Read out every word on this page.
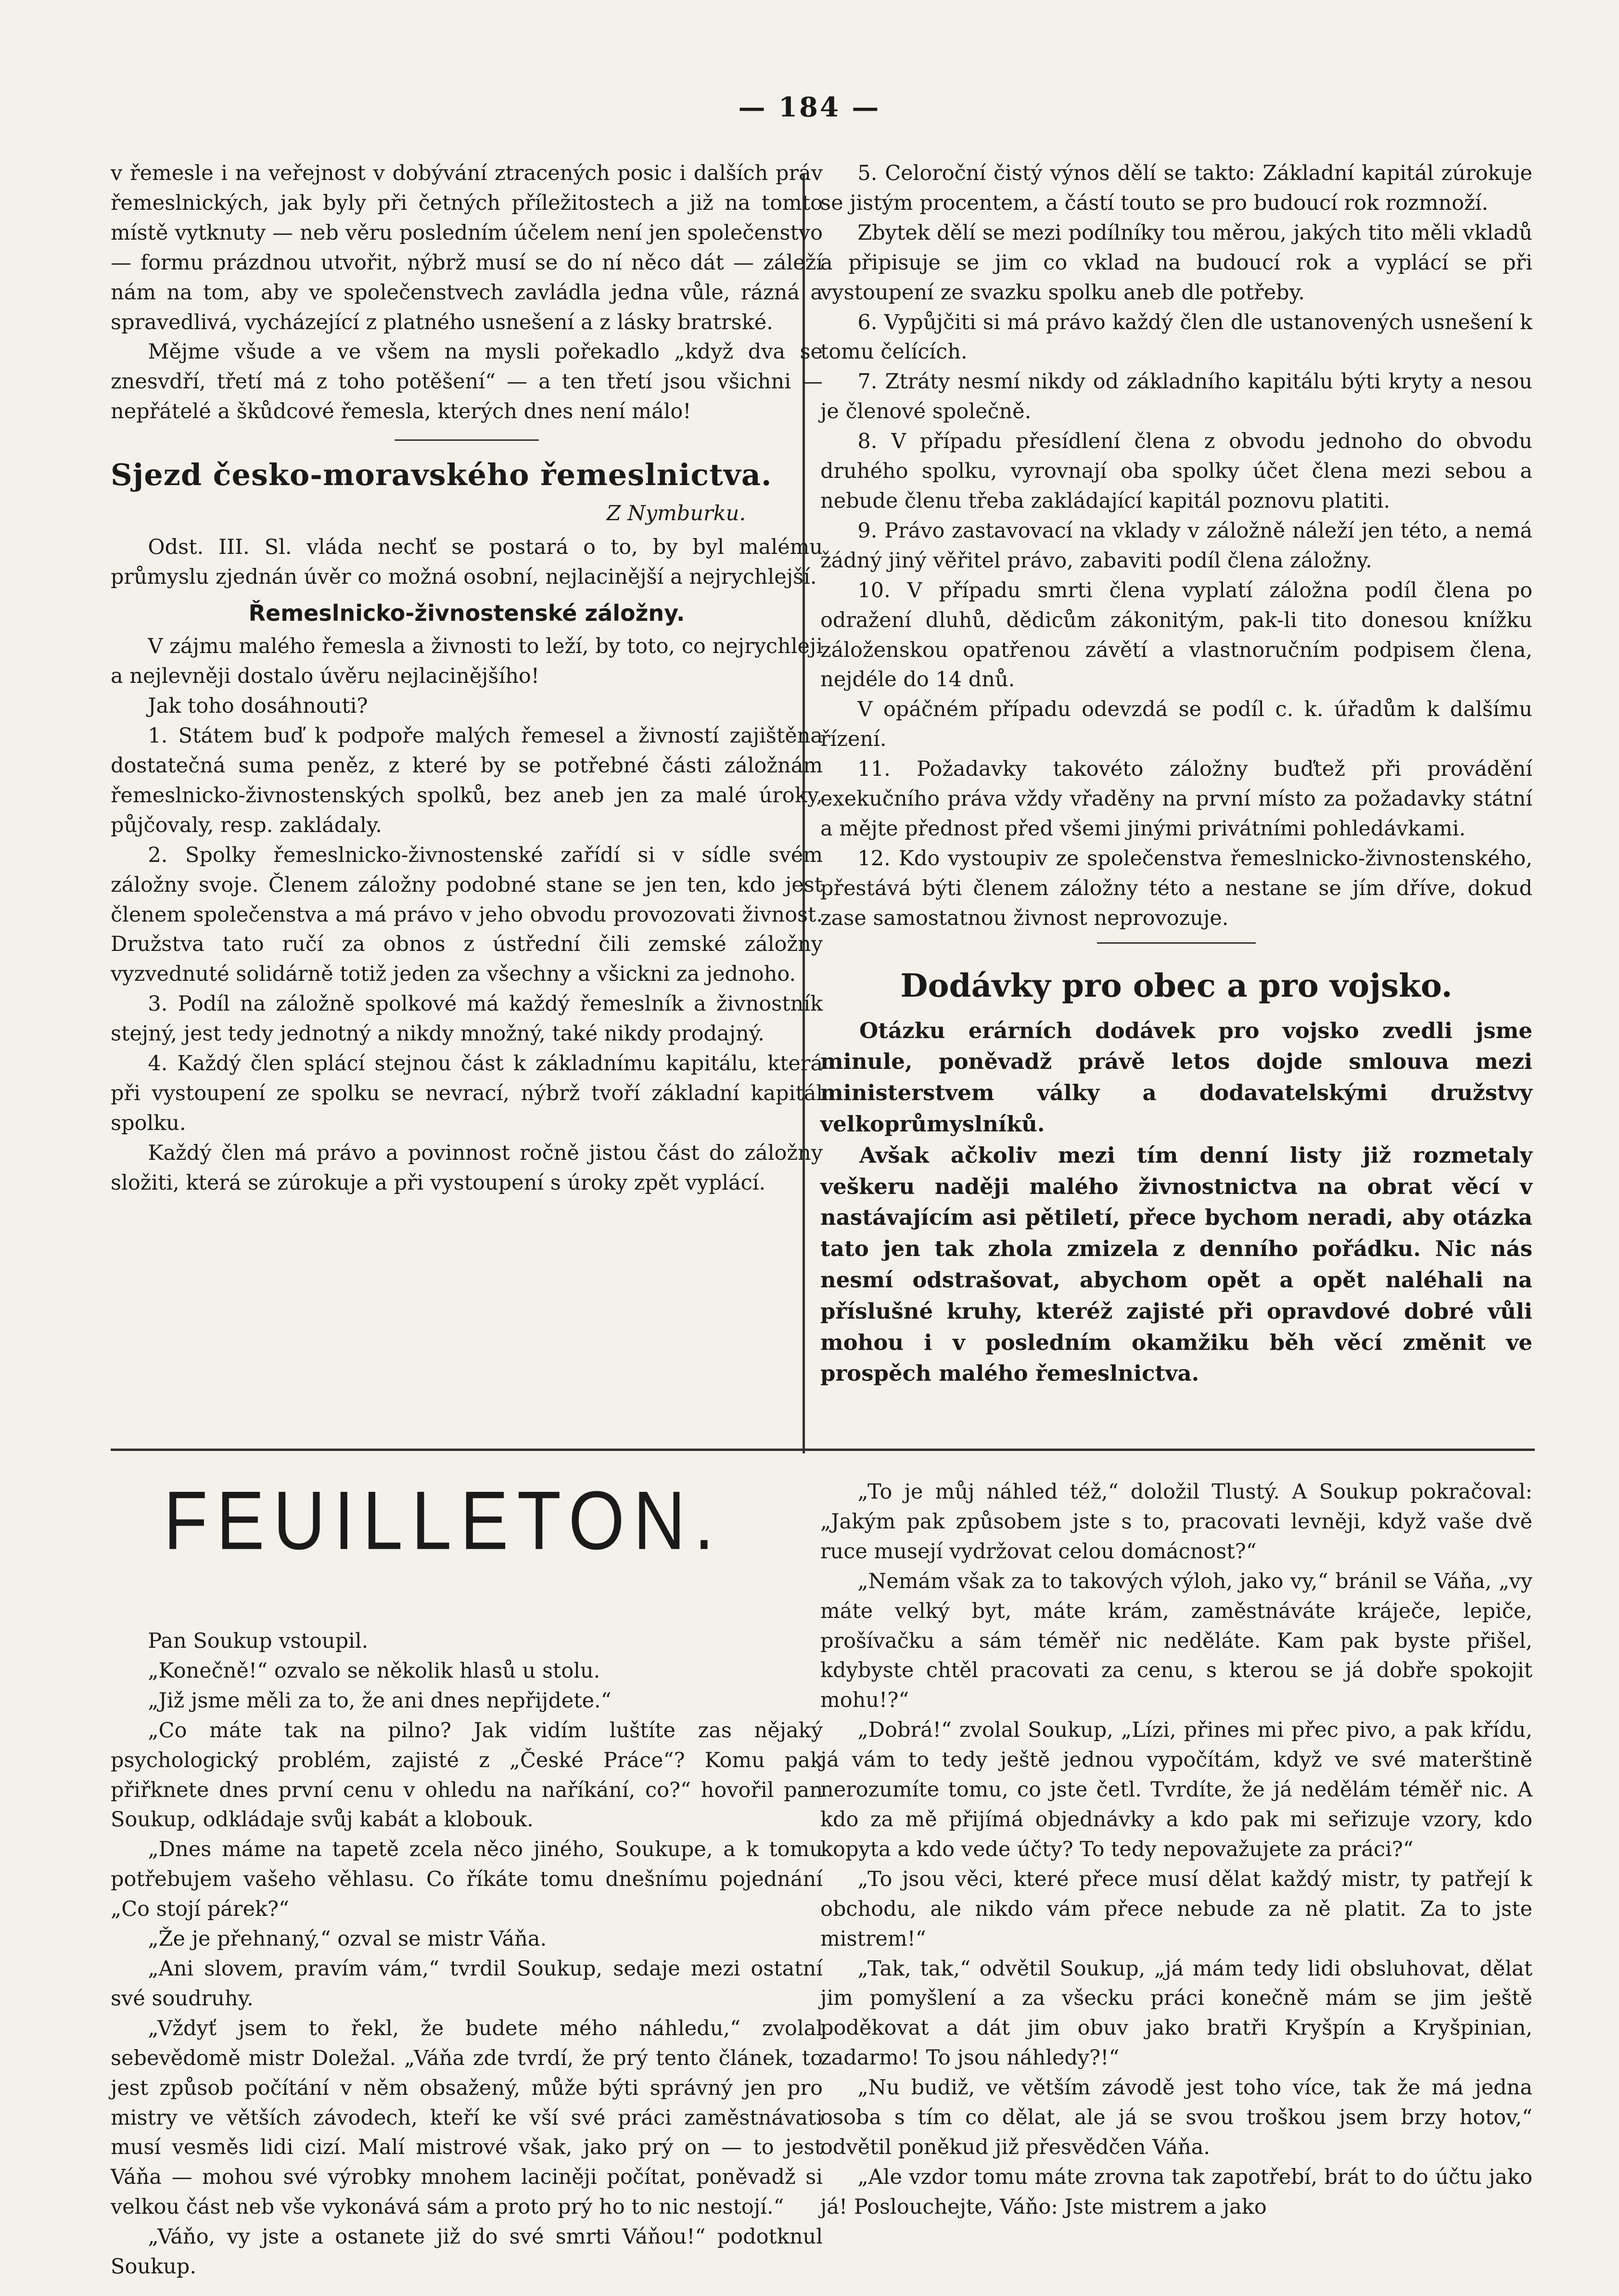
— 184 —

v řemesle i na veřejnost v dobývání ztracených posic i dalších práv řemeslnických, jak byly při četných příležitostech a již na tomto místě vytknuty — neb věru posledním účelem není jen společenstvo — formu prázdnou utvořit, nýbrž musí se do ní něco dát — záleží nám na tom, aby ve společenstvech zavládla jedna vůle, rázná a spravedlivá, vycházející z platného usnešení a z lásky bratrské.

Mějme všude a ve všem na mysli pořekadlo „když dva se znesvdří, třetí má z toho potěšení“ — a ten třetí jsou všichni — nepřátelé a škůdcové řemesla, kterých dnes není málo!

Sjezd česko-moravského řemeslnictva.
Z Nymburku.

Odst. III. Sl. vláda nechť se postará o to, by byl malému průmyslu zjednán úvěr co možná osobní, nejlacinější a nejrychlejší.

Řemeslnicko-živnostenské záložny.

V zájmu malého řemesla a živnosti to leží, by toto, co nejrychleji a nejlevněji dostalo úvěru nejlacinějšího!

Jak toho dosáhnouti?

1. Státem buď k podpoře malých řemesel a živností zajištěna dostatečná suma peněz, z které by se potřebné části záložnám řemeslnicko-živnostenských spolků, bez aneb jen za malé úroky, půjčovaly, resp. zakládaly.

2. Spolky řemeslnicko-živnostenské zařídí si v sídle svém záložny svoje. Členem záložny podobné stane se jen ten, kdo jest členem společenstva a má právo v jeho obvodu provozovati živnost. Družstva tato ručí za obnos z ústřední čili zemské záložny vyzvednuté solidárně totiž jeden za všechny a všickni za jednoho.

3. Podíl na záložně spolkové má každý řemeslník a živnostník stejný, jest tedy jednotný a nikdy množný, také nikdy prodajný.

4. Každý člen splácí stejnou část k základnímu kapitálu, která při vystoupení ze spolku se nevrací, nýbrž tvoří základní kapitál spolku.

Každý člen má právo a povinnost ročně jistou část do záložny složiti, která se zúrokuje a při vystoupení s úroky zpět vyplácí.

5. Celoroční čistý výnos dělí se takto: Základní kapitál zúrokuje se jistým procentem, a částí touto se pro budoucí rok rozmnoží.

Zbytek dělí se mezi podílníky tou měrou, jakých tito měli vkladů a připisuje se jim co vklad na budoucí rok a vyplácí se při vystoupení ze svazku spolku aneb dle potřeby.

6. Vypůjčiti si má právo každý člen dle ustanovených usnešení k tomu čelících.

7. Ztráty nesmí nikdy od základního kapitálu býti kryty a nesou je členové společně.

8. V případu přesídlení člena z obvodu jednoho do obvodu druhého spolku, vyrovnají oba spolky účet člena mezi sebou a nebude členu třeba zakládající kapitál poznovu platiti.

9. Právo zastavovací na vklady v záložně náleží jen této, a nemá žádný jiný věřitel právo, zabaviti podíl člena záložny.

10. V případu smrti člena vyplatí záložna podíl člena po odražení dluhů, dědicům zákonitým, pak-li tito donesou knížku záloženskou opatřenou závětí a vlastnoručním podpisem člena, nejdéle do 14 dnů.

V opáčném případu odevzdá se podíl c. k. úřadům k dalšímu řízení.

11. Požadavky takovéto záložny buďtež při provádění exekučního práva vždy vřaděny na první místo za požadavky státní a mějte přednost před všemi jinými privátními pohledávkami.

12. Kdo vystoupiv ze společenstva řemeslnicko-živnostenského, přestává býti členem záložny této a nestane se jím dříve, dokud zase samostatnou živnost neprovozuje.

Dodávky pro obec a pro vojsko.

Otázku erárních dodávek pro vojsko zvedli jsme minule, poněvadž právě letos dojde smlouva mezi ministerstvem války a dodavatelskými družstvy velkoprůmyslníků.

Avšak ačkoliv mezi tím denní listy již rozmetaly veškeru naději malého živnostnictva na obrat věcí v nastávajícím asi pětiletí, přece bychom neradi, aby otázka tato jen tak zhola zmizela z denního pořádku. Nic nás nesmí odstrašovat, abychom opět a opět naléhali na příslušné kruhy, kteréž zajisté při opravdové dobré vůli mohou i v posledním okamžiku běh věcí změnit ve prospěch malého řemeslnictva.

FEUILLETON.

Pan Soukup vstoupil.

„Konečně!“ ozvalo se několik hlasů u stolu.

„Již jsme měli za to, že ani dnes nepřijdete.“

„Co máte tak na pilno? Jak vidím luštíte zas nějaký psychologický problém, zajisté z „České Práce“? Komu pak přiřknete dnes první cenu v ohledu na naříkání, co?“ hovořil pan Soukup, odkládaje svůj kabát a klobouk.

„Dnes máme na tapetě zcela něco jiného, Soukupe, a k tomu potřebujem vašeho věhlasu. Co říkáte tomu dnešnímu pojednání „Co stojí párek?“

„Že je přehnaný,“ ozval se mistr Váňa.

„Ani slovem, pravím vám,“ tvrdil Soukup, sedaje mezi ostatní své soudruhy.

„Vždyť jsem to řekl, že budete mého náhledu,“ zvolal sebevědomě mistr Doležal. „Váňa zde tvrdí, že prý tento článek, to jest způsob počítání v něm obsažený, může býti správný jen pro mistry ve větších závodech, kteří ke vší své práci zaměstnávati musí vesměs lidi cizí. Malí mistrové však, jako prý on — to jest Váňa — mohou své výrobky mnohem laciněji počítat, poněvadž si velkou část neb vše vykonává sám a proto prý ho to nic nestojí.“

„Váňo, vy jste a ostanete již do své smrti Váňou!“ podotknul Soukup.

„To je můj náhled též,“ doložil Tlustý. A Soukup pokračoval: „Jakým pak způsobem jste s to, pracovati levněji, když vaše dvě ruce musejí vydržovat celou domácnost?“

„Nemám však za to takových výloh, jako vy,“ bránil se Váňa, „vy máte velký byt, máte krám, zaměstnáváte kráječe, lepiče, prošívačku a sám téměř nic neděláte. Kam pak byste přišel, kdybyste chtěl pracovati za cenu, s kterou se já dobře spokojit mohu!?“

„Dobrá!“ zvolal Soukup, „Lízi, přines mi přec pivo, a pak křídu, já vám to tedy ještě jednou vypočítám, když ve své materštině nerozumíte tomu, co jste četl. Tvrdíte, že já nedělám téměř nic. A kdo za mě přijímá objednávky a kdo pak mi seřizuje vzory, kdo kopyta a kdo vede účty? To tedy nepovažujete za práci?“

„To jsou věci, které přece musí dělat každý mistr, ty patřejí k obchodu, ale nikdo vám přece nebude za ně platit. Za to jste mistrem!“

„Tak, tak,“ odvětil Soukup, „já mám tedy lidi obsluhovat, dělat jim pomyšlení a za všecku práci konečně mám se jim ještě poděkovat a dát jim obuv jako bratři Kryšpín a Kryšpinian, zadarmo! To jsou náhledy?!“

„Nu budiž, ve větším závodě jest toho více, tak že má jedna osoba s tím co dělat, ale já se svou troškou jsem brzy hotov,“ odvětil poněkud již přesvědčen Váňa.

„Ale vzdor tomu máte zrovna tak zapotřebí, brát to do účtu jako já! Poslouchejte, Váňo: Jste mistrem a jako
